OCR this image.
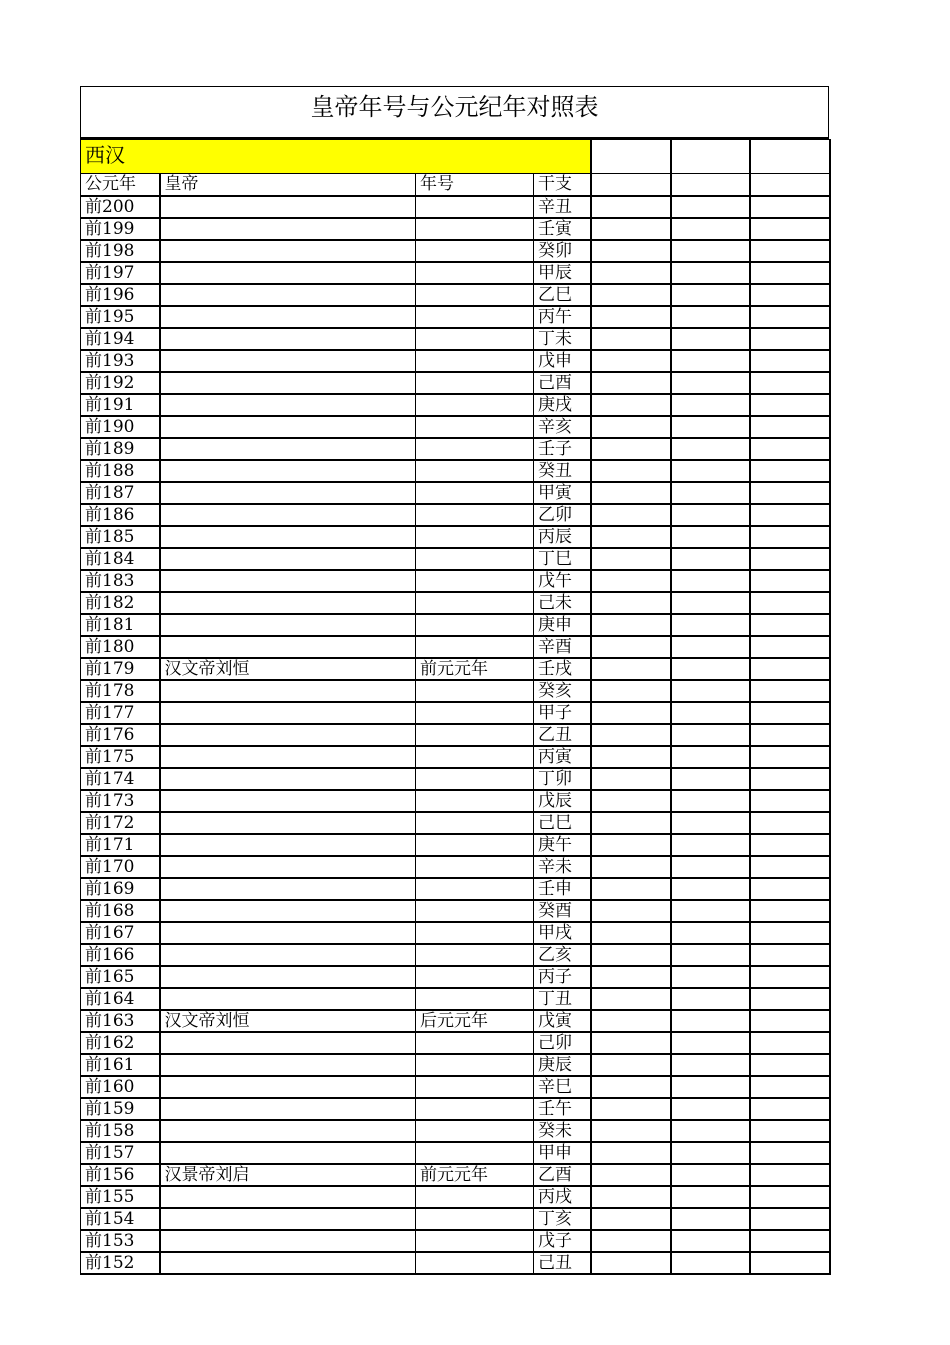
皇帝年号与公元纪年对照表
西汉						
公元年	皇帝	年号	干支			
前200			辛丑			
前199			壬寅			
前198			癸卯			
前197			甲辰			
前196			乙巳			
前195			丙午			
前194			丁未			
前193			戊申			
前192			己酉			
前191			庚戌			
前190			辛亥			
前189			壬子			
前188			癸丑			
前187			甲寅			
前186			乙卯			
前185			丙辰			
前184			丁巳			
前183			戊午			
前182			己未			
前181			庚申			
前180			辛酉			
前179	汉文帝刘恒	前元元年	壬戌			
前178			癸亥			
前177			甲子			
前176			乙丑			
前175			丙寅			
前174			丁卯			
前173			戊辰			
前172			己巳			
前171			庚午			
前170			辛未			
前169			壬申			
前168			癸酉			
前167			甲戌			
前166			乙亥			
前165			丙子			
前164			丁丑			
前163	汉文帝刘恒	后元元年	戊寅			
前162			己卯			
前161			庚辰			
前160			辛巳			
前159			壬午			
前158			癸未			
前157			甲申			
前156	汉景帝刘启	前元元年	乙酉			
前155			丙戌			
前154			丁亥			
前153			戊子			
前152			己丑			
